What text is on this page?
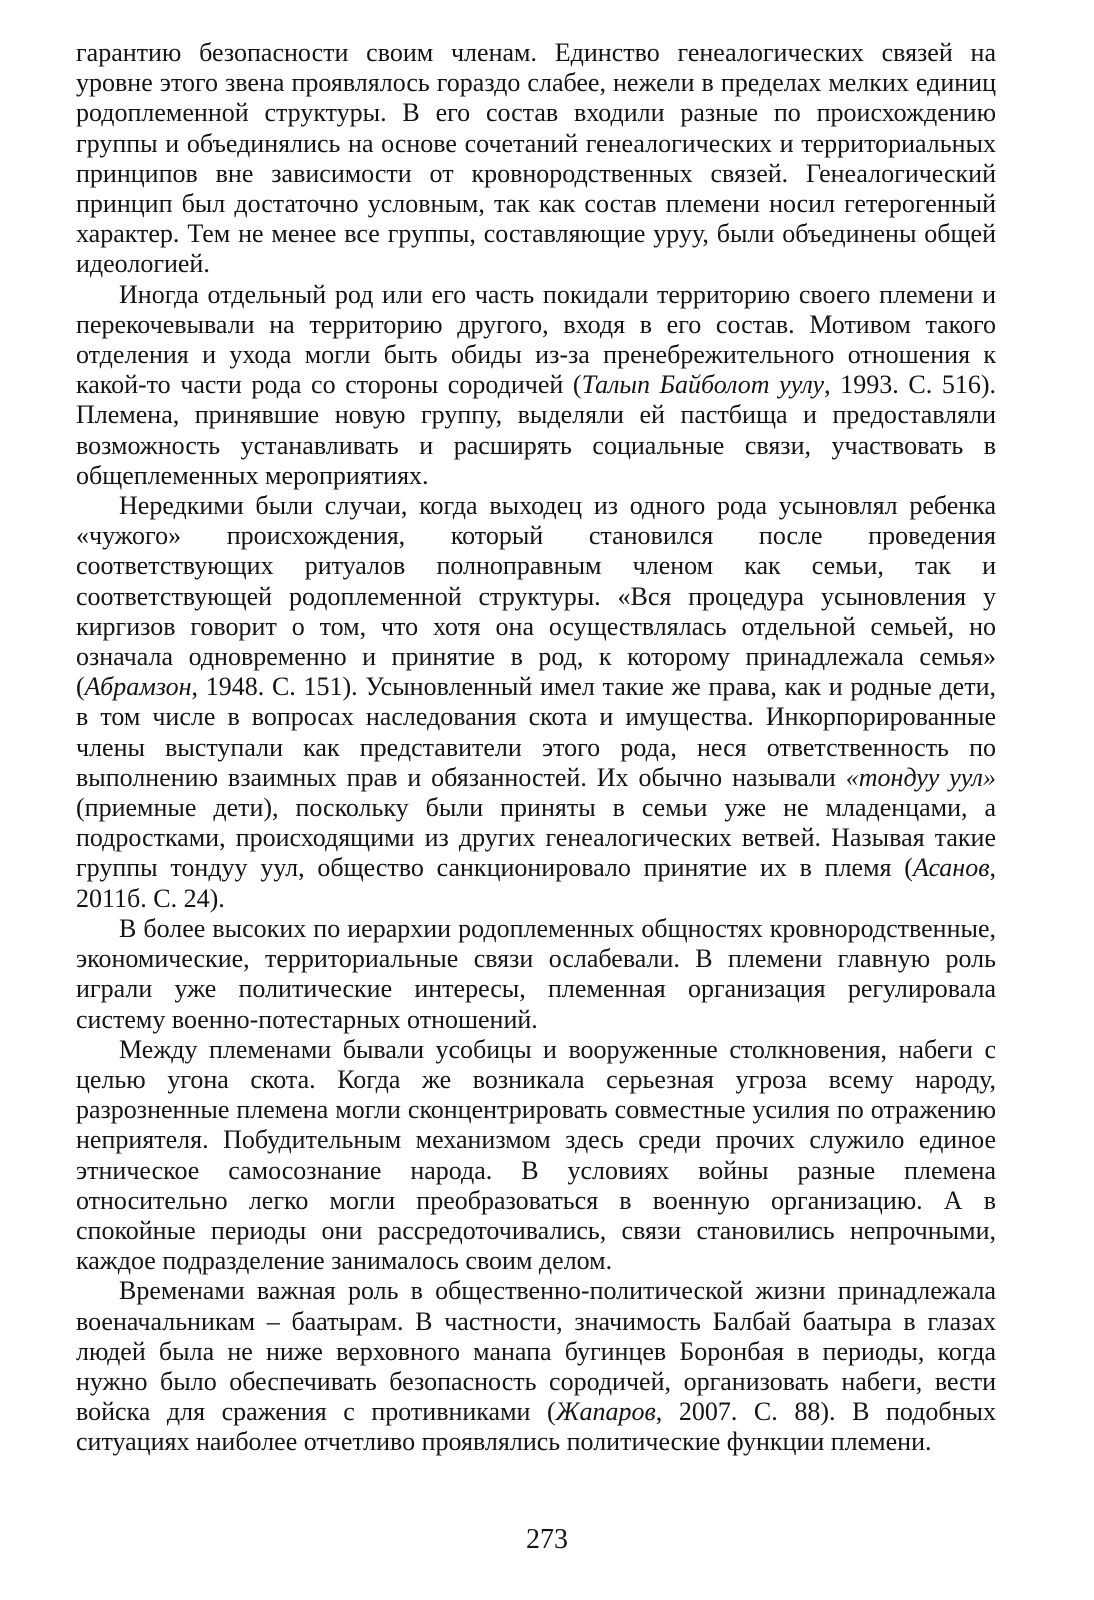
гарантию безопасности своим членам. Единство генеалогических связей на уровне этого звена проявлялось гораздо слабее, нежели в пределах мелких единиц родоплеменной структуры. В его состав входили разные по происхождению группы и объединялись на основе сочетаний генеалогических и территориальных принципов вне зависимости от кровнородственных связей. Генеалогический принцип был достаточно условным, так как состав племени носил гетерогенный характер. Тем не менее все группы, составляющие уруу, были объединены общей идеологией.

Иногда отдельный род или его часть покидали территорию своего племени и перекочевывали на территорию другого, входя в его состав. Мотивом такого отделения и ухода могли быть обиды из-за пренебрежительного отношения к какой-то части рода со стороны сородичей (Талып Байболот уулу, 1993. С. 516). Племена, принявшие новую группу, выделяли ей пастбища и предоставляли возможность устанавливать и расширять социальные связи, участвовать в общеплеменных мероприятиях.

Нередкими были случаи, когда выходец из одного рода усыновлял ребенка «чужого» происхождения, который становился после проведения соответствующих ритуалов полноправным членом как семьи, так и соответствующей родоплеменной структуры. «Вся процедура усыновления у киргизов говорит о том, что хотя она осуществлялась отдельной семьей, но означала одновременно и принятие в род, к которому принадлежала семья» (Абрамзон, 1948. С. 151). Усыновленный имел такие же права, как и родные дети, в том числе в вопросах наследования скота и имущества. Инкорпорированные члены выступали как представители этого рода, неся ответственность по выполнению взаимных прав и обязанностей. Их обычно называли «тондуу уул» (приемные дети), поскольку были приняты в семьи уже не младенцами, а подростками, происходящими из других генеалогических ветвей. Называя такие группы тондуу уул, общество санкционировало принятие их в племя (Асанов, 2011б. С. 24).

В более высоких по иерархии родоплеменных общностях кровнородственные, экономические, территориальные связи ослабевали. В племени главную роль играли уже политические интересы, племенная организация регулировала систему военно-потестарных отношений.

Между племенами бывали усобицы и вооруженные столкновения, набеги с целью угона скота. Когда же возникала серьезная угроза всему народу, разрозненные племена могли сконцентрировать совместные усилия по отражению неприятеля. Побудительным механизмом здесь среди прочих служило единое этническое самосознание народа. В условиях войны разные племена относительно легко могли преобразоваться в военную организацию. А в спокойные периоды они рассредоточивались, связи становились непрочными, каждое подразделение занималось своим делом.

Временами важная роль в общественно-политической жизни принадлежала военачальникам – баатырам. В частности, значимость Балбай баатыра в глазах людей была не ниже верховного манапа бугинцев Боронбая в периоды, когда нужно было обеспечивать безопасность сородичей, организовать набеги, вести войска для сражения с противниками (Жапаров, 2007. С. 88). В подобных ситуациях наиболее отчетливо проявлялись политические функции племени.

273
